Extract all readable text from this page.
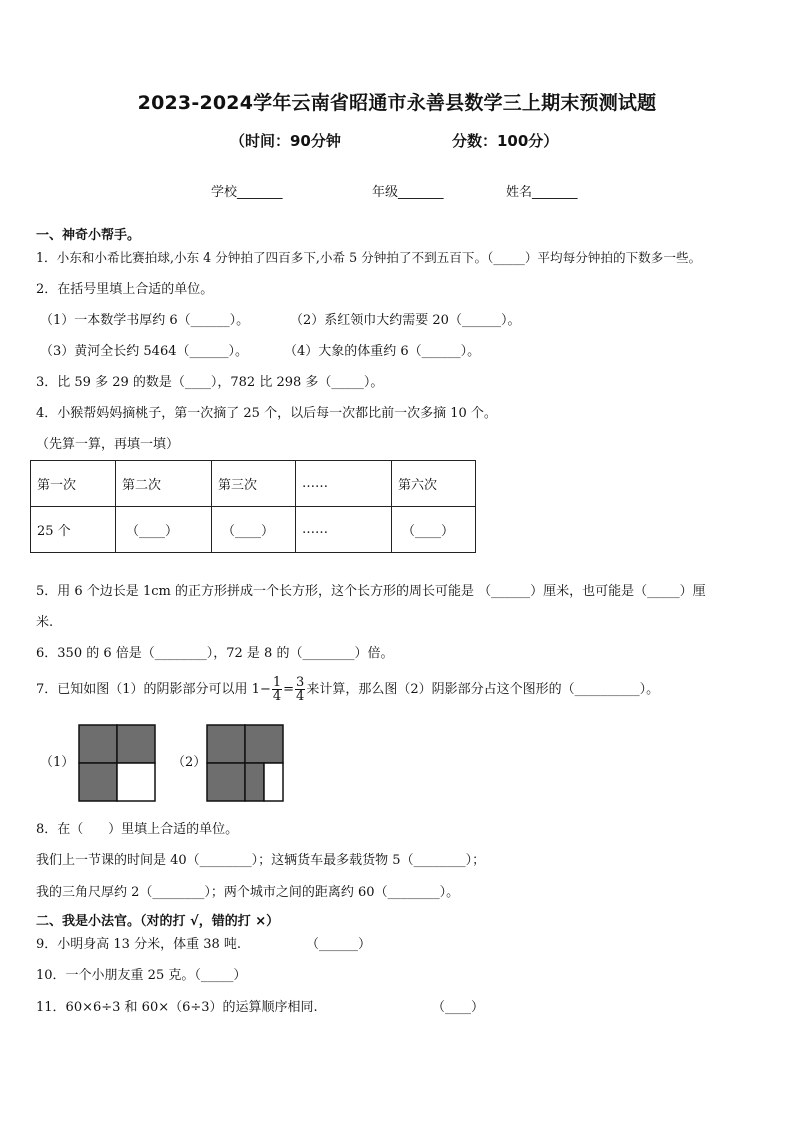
2023-2024学年云南省昭通市永善县数学三上期末预测试题
（时间：90分钟	分数：100分）
学校_______	年级_______	姓名_______
一、神奇小帮手。
1．小东和小希比赛拍球,小东 4 分钟拍了四百多下,小希 5 分钟拍了不到五百下。（_____）平均每分钟拍的下数多一些。
2．在括号里填上合适的单位。
（1）一本数学书厚约 6（______）。	（2）系红领巾大约需要 20（______）。
（3）黄河全长约 5464（______）。	（4）大象的体重约 6（______）。
3．比 59 多 29 的数是（____），782 比 298 多（_____）。
4．小猴帮妈妈摘桃子，第一次摘了 25 个，以后每一次都比前一次多摘 10 个。
（先算一算，再填一填）
第一次	第二次	第三次	……	第六次
25 个	（____）	（____）	……	（____）
5．用 6 个边长是 1cm 的正方形拼成一个长方形，这个长方形的周长可能是 （______）厘米，也可能是（_____）厘
米.
6．350 的 6 倍是（________），72 是 8 的（________）倍。
7．已知如图（1）的阴影部分可以用 $1- \frac{1}{4} = \frac{3}{4}$ 来计算，那么图（2）阴影部分占这个图形的（__________）。
（1）	（2）
8．在（      ）里填上合适的单位。
我们上一节课的时间是 40（________）；这辆货车最多载货物 5（________）；
我的三角尺厚约 2（________）；两个城市之间的距离约 60（________）。
二、我是小法官。（对的打 √，错的打 ×）
9．小明身高 13 分米，体重 38 吨.	（______）
10．一个小朋友重 25 克。（_____）
11．60×6÷3 和 60×（6÷3）的运算顺序相同.	（____）
